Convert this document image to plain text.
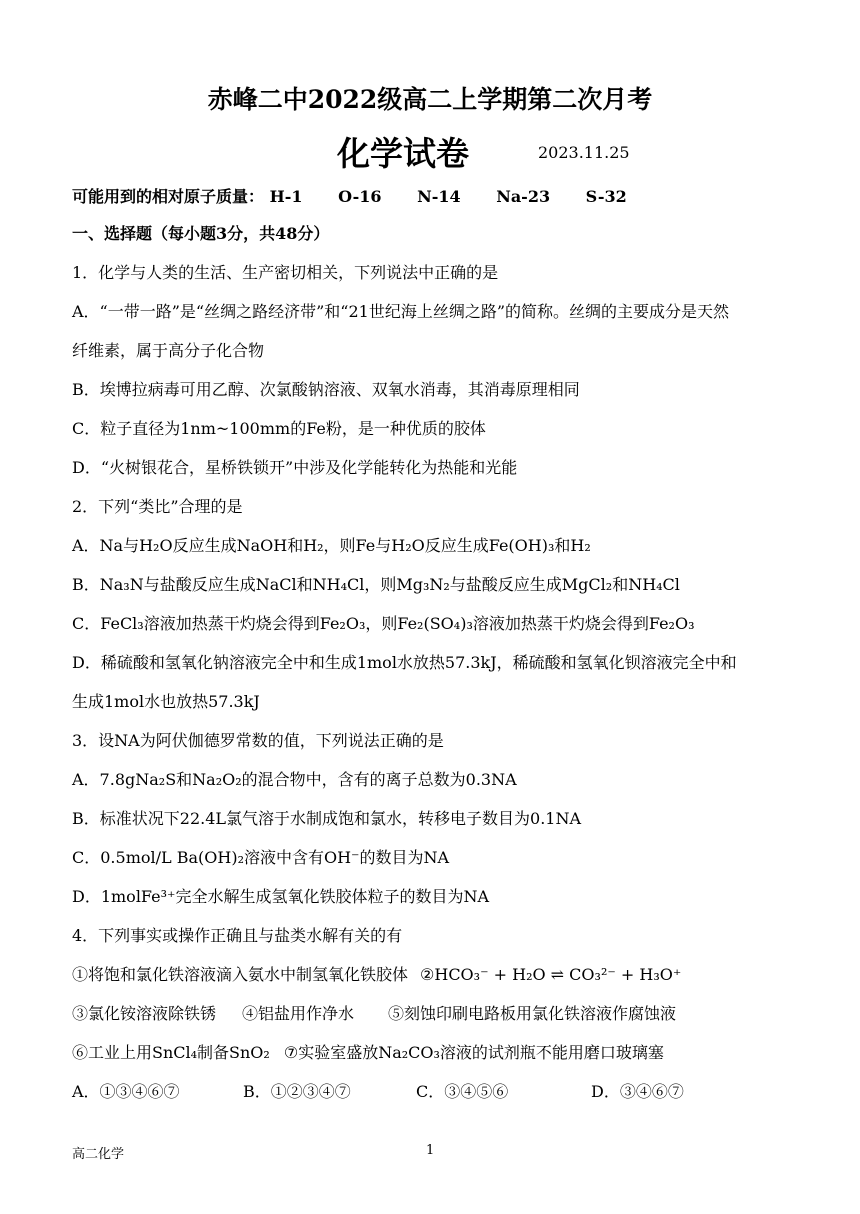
赤峰二中2022级高二上学期第二次月考
化学试卷	2023.11.25
可能用到的相对原子质量： H-1 O-16 N-14 Na-23 S-32
一、选择题（每小题3分，共48分）
1．化学与人类的生活、生产密切相关，下列说法中正确的是
A．“一带一路”是“丝绸之路经济带”和“21世纪海上丝绸之路”的简称。丝绸的主要成分是天然
纤维素，属于高分子化合物
B．埃博拉病毒可用乙醇、次氯酸钠溶液、双氧水消毒，其消毒原理相同
C．粒子直径为1nm~100mm的Fe粉，是一种优质的胶体
D．“火树银花合，星桥铁锁开”中涉及化学能转化为热能和光能
2．下列“类比”合理的是
A．Na与H₂O反应生成NaOH和H₂，则Fe与H₂O反应生成Fe(OH)₃和H₂
B．Na₃N与盐酸反应生成NaCl和NH₄Cl，则Mg₃N₂与盐酸反应生成MgCl₂和NH₄Cl
C．FeCl₃溶液加热蒸干灼烧会得到Fe₂O₃，则Fe₂(SO₄)₃溶液加热蒸干灼烧会得到Fe₂O₃
D．稀硫酸和氢氧化钠溶液完全中和生成1mol水放热57.3kJ，稀硫酸和氢氧化钡溶液完全中和
生成1mol水也放热57.3kJ
3．设NA为阿伏伽德罗常数的值，下列说法正确的是
A．7.8gNa₂S和Na₂O₂的混合物中，含有的离子总数为0.3NA
B．标准状况下22.4L氯气溶于水制成饱和氯水，转移电子数目为0.1NA
C．0.5mol/L Ba(OH)₂溶液中含有OH⁻的数目为NA
D．1molFe³⁺完全水解生成氢氧化铁胶体粒子的数目为NA
4．下列事实或操作正确且与盐类水解有关的有
①将饱和氯化铁溶液滴入氨水中制氢氧化铁胶体 ②HCO₃⁻ + H₂O ⇌ CO₃²⁻ + H₃O⁺
③氯化铵溶液除铁锈 ④铝盐用作净水 ⑤刻蚀印刷电路板用氯化铁溶液作腐蚀液
⑥工业上用SnCl₄制备SnO₂ ⑦实验室盛放Na₂CO₃溶液的试剂瓶不能用磨口玻璃塞
A．①③④⑥⑦	B．①②③④⑦	C．③④⑤⑥	D．③④⑥⑦
高二化学	1
